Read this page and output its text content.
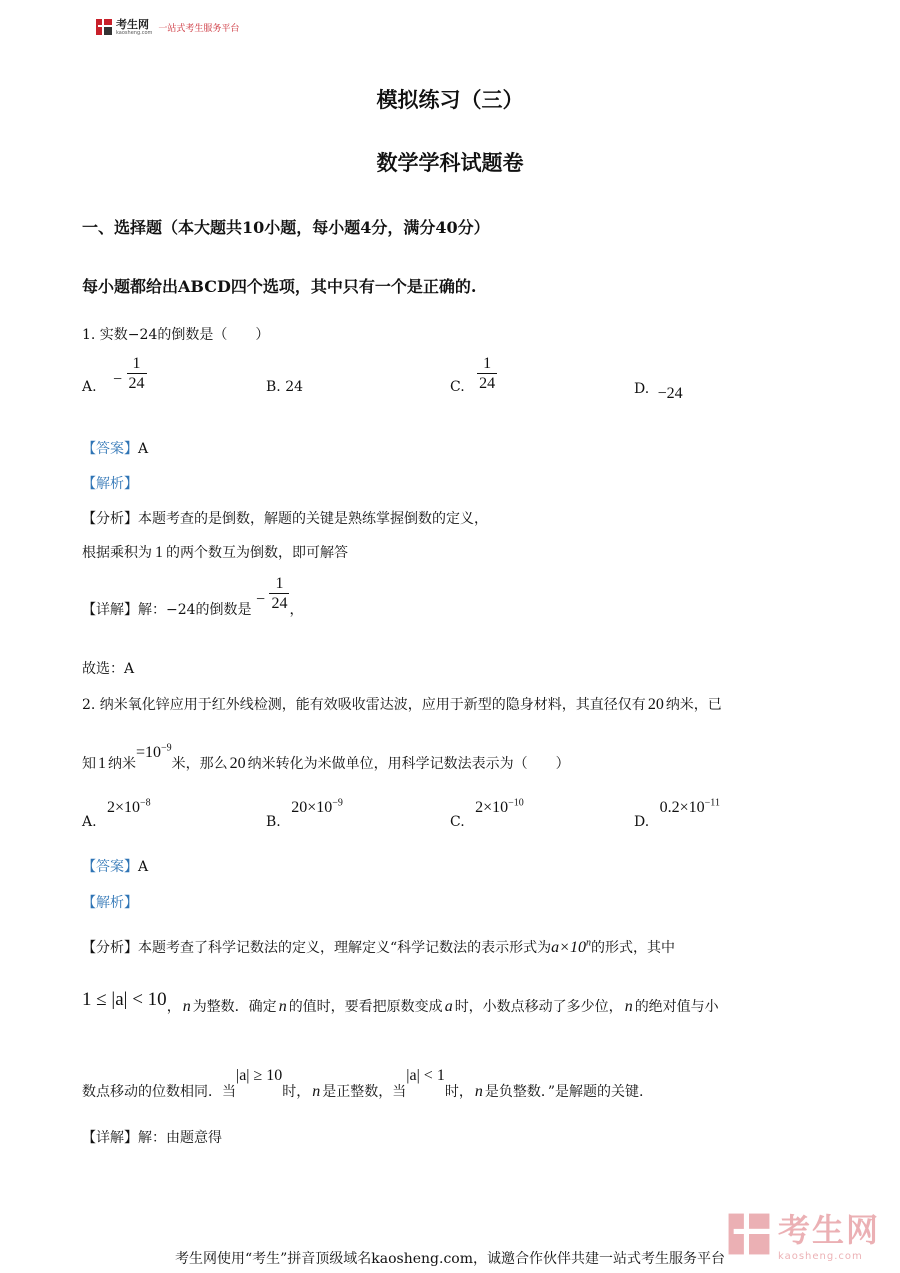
考生网
kaosheng.com 一站式考生服务平台
模拟练习（三）
数学学科试题卷
一、选择题（本大题共10小题，每小题4分，满分40分）
每小题都给出ABCD四个选项，其中只有一个是正确的.
1. 实数−24的倒数是（　　）
A. − $\frac{1}{24}$	B. 24	C. $\frac{1}{24}$	D. −24
【答案】A
【解析】
【分析】本题考查的是倒数，解题的关键是熟练掌握倒数的定义，
根据乘积为 1 的两个数互为倒数，即可解答
【详解】解：−24的倒数是 − $\frac{1}{24}$ ，
故选：A
2. 纳米氧化锌应用于红外线检测，能有效吸收雷达波，应用于新型的隐身材料，其直径仅有 20 纳米，已
知 1 纳米$=10^{-9}$米，那么 20 纳米转化为米做单位，用科学记数法表示为（　　）
A. $2\times 10^{-8}$
B. $20\times 10^{-9}$
C. $2\times 10^{-10}$
D. $0.2\times 10^{-11}$
【答案】A
【解析】
【分析】本题考查了科学记数法的定义，理解定义“科学记数法的表示形式为$a\times 10^n$的形式，其中
1 ≤ |a| < 10， n 为整数．确定 n 的值时，要看把原数变成 a 时，小数点移动了多少位， n 的绝对值与小
数点移动的位数相同．当|a| ≥ 10时， n 是正整数，当|a| < 1时， n 是负整数．”是解题的关键.
【详解】解：由题意得
考生网
kaosheng.com
考生网使用“考生”拼音顶级域名kaosheng.com，诚邀合作伙伴共建一站式考生服务平台
